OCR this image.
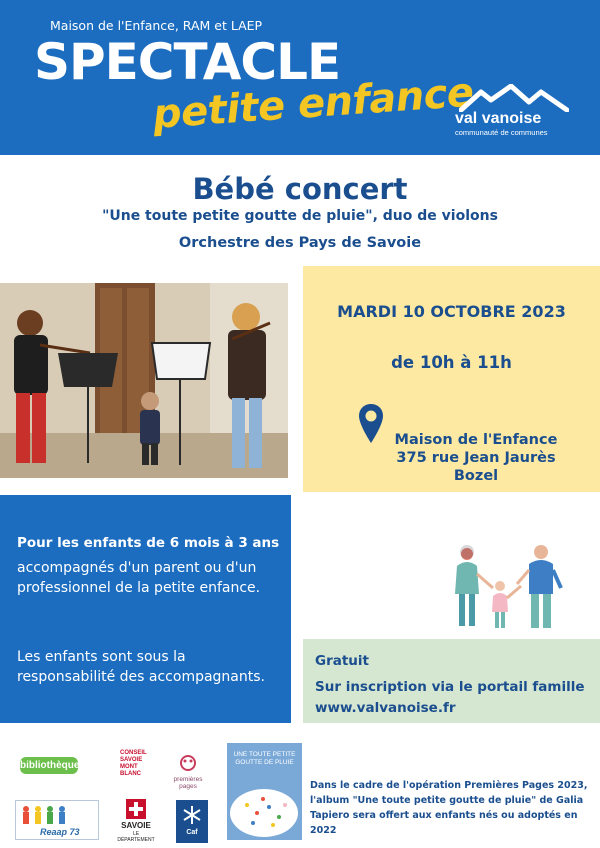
Maison de l'Enfance, RAM et LAEP
SPECTACLE
petite enfance
val vanoise
communauté de communes
Bébé concert
"Une toute petite goutte de pluie", duo de violons
Orchestre des Pays de Savoie
MARDI 10 OCTOBRE 2023
de 10h à 11h
Maison de l'Enfance
375 rue Jean Jaurès
Bozel
Pour les enfants de 6 mois à 3 ans
accompagnés d'un parent ou d'un professionnel de la petite enfance.
Les enfants sont sous la responsabilité des accompagnants.
Gratuit
Sur inscription via le portail famille
www.valvanoise.fr
bibliothèque
CONSEIL SAVOIE MONT BLANC
premières pages
Reaap 73
SAVOIE
LE DÉPARTEMENT
Caf
UNE TOUTE PETITE GOUTTE DE PLUIE
Dans le cadre de l'opération Premières Pages 2023, l'album "Une toute petite goutte de pluie" de Galia Tapiero sera offert aux enfants nés ou adoptés en 2022
